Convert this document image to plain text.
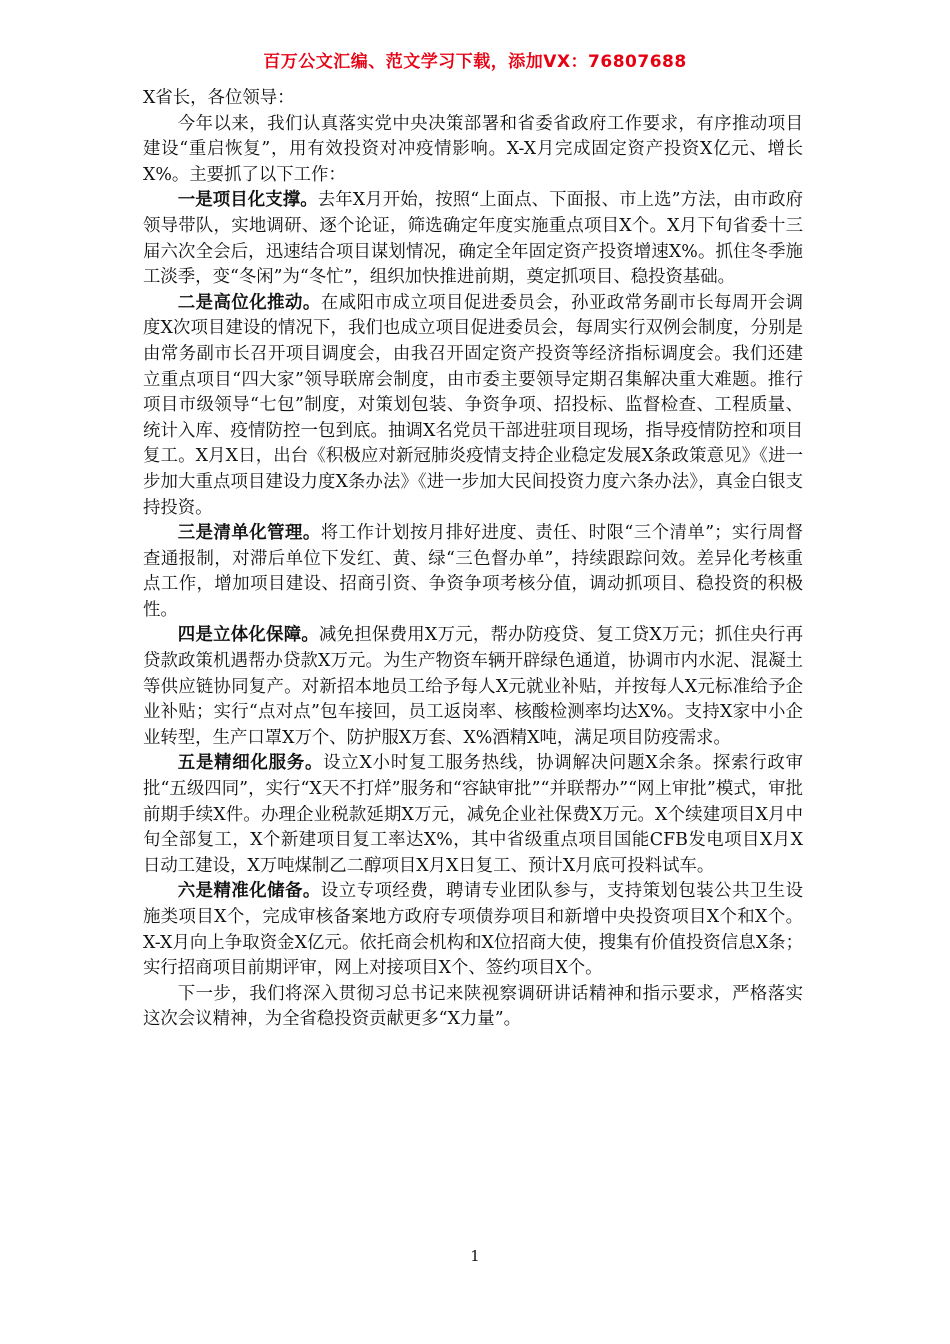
百万公文汇编、范文学习下载，添加VX：76807688

X省长，各位领导：

今年以来，我们认真落实党中央决策部署和省委省政府工作要求，有序推动项目建设“重启恢复”，用有效投资对冲疫情影响。X-X月完成固定资产投资X亿元、增长X%。主要抓了以下工作：

一是项目化支撑。去年X月开始，按照“上面点、下面报、市上选”方法，由市政府领导带队，实地调研、逐个论证，筛选确定年度实施重点项目X个。X月下旬省委十三届六次全会后，迅速结合项目谋划情况，确定全年固定资产投资增速X%。抓住冬季施工淡季，变“冬闲”为“冬忙”，组织加快推进前期，奠定抓项目、稳投资基础。

二是高位化推动。在咸阳市成立项目促进委员会，孙亚政常务副市长每周开会调度X次项目建设的情况下，我们也成立项目促进委员会，每周实行双例会制度，分别是由常务副市长召开项目调度会，由我召开固定资产投资等经济指标调度会。我们还建立重点项目“四大家”领导联席会制度，由市委主要领导定期召集解决重大难题。推行项目市级领导“七包”制度，对策划包装、争资争项、招投标、监督检查、工程质量、统计入库、疫情防控一包到底。抽调X名党员干部进驻项目现场，指导疫情防控和项目复工。X月X日，出台《积极应对新冠肺炎疫情支持企业稳定发展X条政策意见》《进一步加大重点项目建设力度X条办法》《进一步加大民间投资力度六条办法》，真金白银支持投资。

三是清单化管理。将工作计划按月排好进度、责任、时限“三个清单”；实行周督查通报制，对滞后单位下发红、黄、绿“三色督办单”，持续跟踪问效。差异化考核重点工作，增加项目建设、招商引资、争资争项考核分值，调动抓项目、稳投资的积极性。

四是立体化保障。减免担保费用X万元，帮办防疫贷、复工贷X万元；抓住央行再贷款政策机遇帮办贷款X万元。为生产物资车辆开辟绿色通道，协调市内水泥、混凝土等供应链协同复产。对新招本地员工给予每人X元就业补贴，并按每人X元标准给予企业补贴；实行“点对点”包车接回，员工返岗率、核酸检测率均达X%。支持X家中小企业转型，生产口罩X万个、防护服X万套、X%酒精X吨，满足项目防疫需求。

五是精细化服务。设立X小时复工服务热线，协调解决问题X余条。探索行政审批“五级四同”，实行“X天不打烊”服务和“容缺审批”“并联帮办”“网上审批”模式，审批前期手续X件。办理企业税款延期X万元，减免企业社保费X万元。X个续建项目X月中旬全部复工，X个新建项目复工率达X%，其中省级重点项目国能CFB发电项目X月X日动工建设，X万吨煤制乙二醇项目X月X日复工、预计X月底可投料试车。

六是精准化储备。设立专项经费，聘请专业团队参与，支持策划包装公共卫生设施类项目X个，完成审核备案地方政府专项债券项目和新增中央投资项目X个和X个。X-X月向上争取资金X亿元。依托商会机构和X位招商大使，搜集有价值投资信息X条；实行招商项目前期评审，网上对接项目X个、签约项目X个。

下一步，我们将深入贯彻习总书记来陕视察调研讲话精神和指示要求，严格落实这次会议精神，为全省稳投资贡献更多“X力量”。

1
